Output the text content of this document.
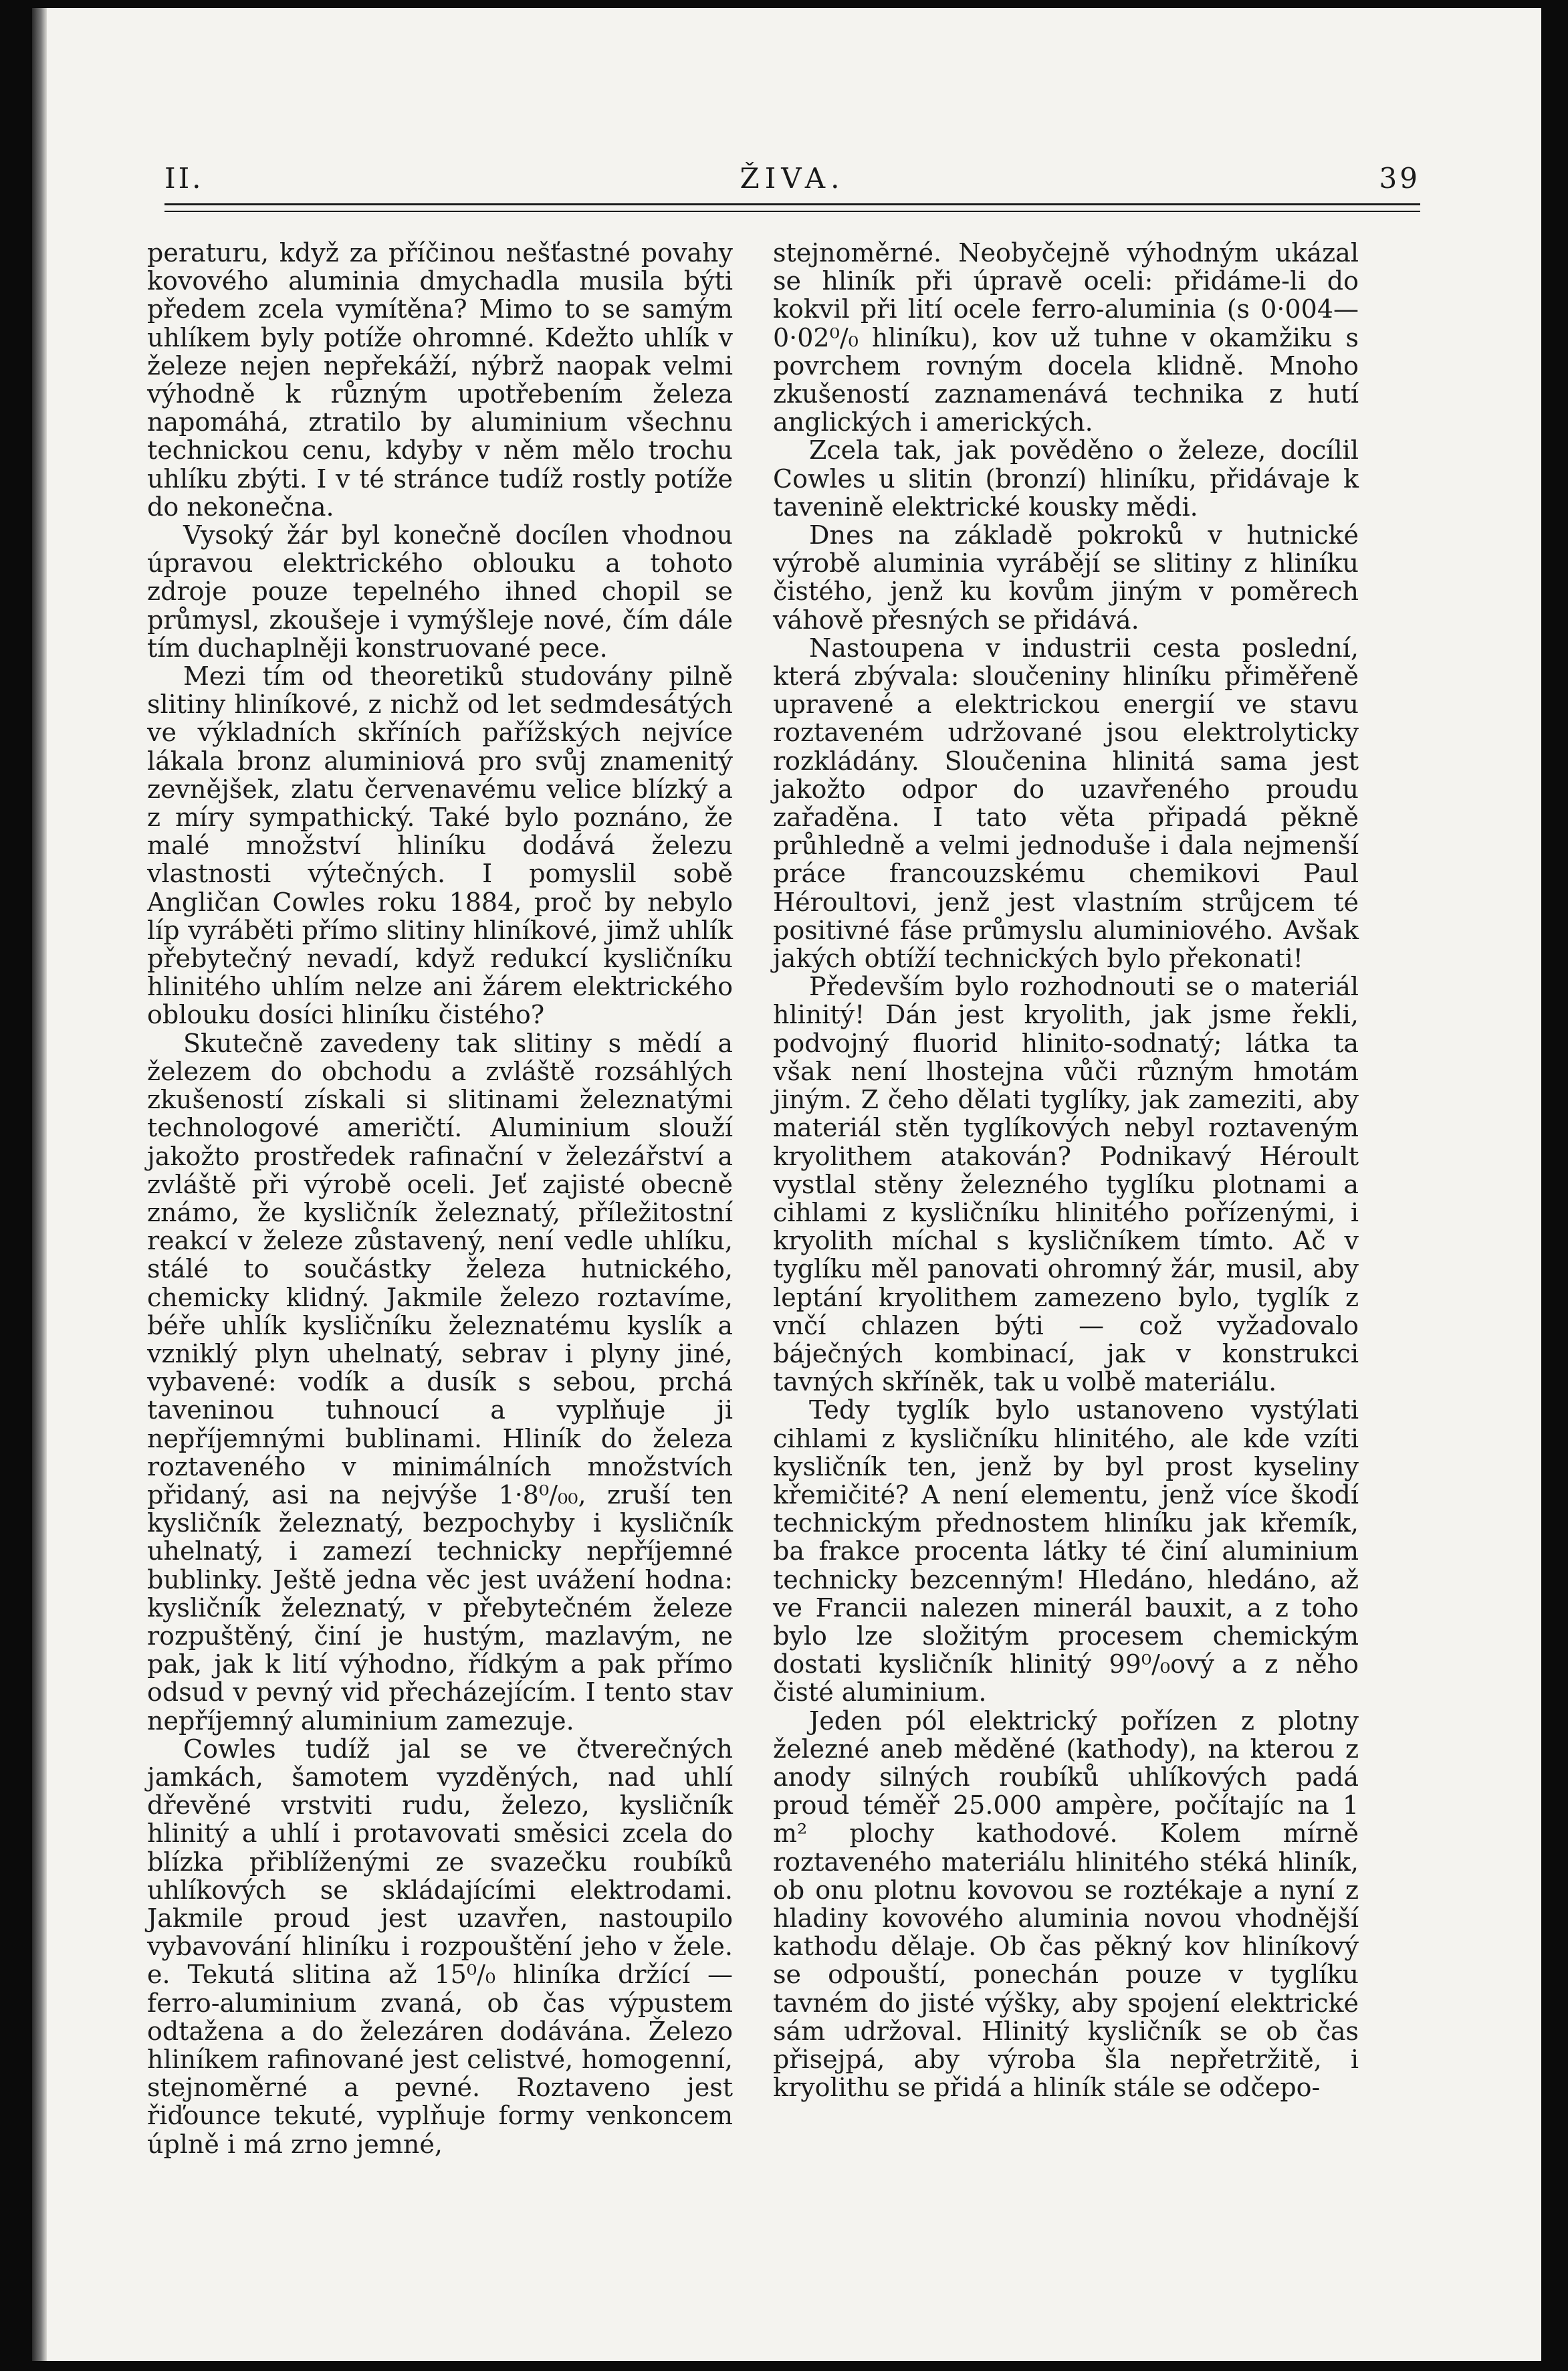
II.	ŽIVA.	39

peraturu, když za příčinou nešťastné povahy kovového aluminia dmychadla musila býti předem zcela vymítěna? Mimo to se samým uhlíkem byly potíže ohromné. Kdežto uhlík v železe nejen nepřekáží, nýbrž naopak velmi výhodně k různým upotřebením železa napomáhá, ztratilo by aluminium všechnu technickou cenu, kdyby v něm mělo trochu uhlíku zbýti. I v té stránce tudíž rostly potíže do nekonečna.

Vysoký žár byl konečně docílen vhodnou úpravou elektrického oblouku a tohoto zdroje pouze tepelného ihned chopil se průmysl, zkoušeje i vymýšleje nové, čím dále tím duchaplněji konstruované pece.

Mezi tím od theoretiků studovány pilně slitiny hliníkové, z nichž od let sedmdesátých ve výkladních skříních pařížských nejvíce lákala bronz aluminiová pro svůj znamenitý zevnějšek, zlatu červenavému velice blízký a z míry sympathický. Také bylo poznáno, že malé množství hliníku dodává železu vlastnosti výtečných. I pomyslil sobě Angličan Cowles roku 1884, proč by nebylo líp vyráběti přímo slitiny hliníkové, jimž uhlík přebytečný nevadí, když redukcí kysličníku hlinitého uhlím nelze ani žárem elektrického oblouku dosíci hliníku čistého?

Skutečně zavedeny tak slitiny s mědí a železem do obchodu a zvláště rozsáhlých zkušeností získali si slitinami železnatými technologové američtí. Aluminium slouží jakožto prostředek rafinační v železářství a zvláště při výrobě oceli. Jeť zajisté obecně známo, že kysličník železnatý, příležitostní reakcí v železe zůstavený, není vedle uhlíku, stálé to součástky železa hutnického, chemicky klidný. Jakmile železo roztavíme, béře uhlík kysličníku železnatému kyslík a vzniklý plyn uhelnatý, sebrav i plyny jiné, vybavené: vodík a dusík s sebou, prchá taveninou tuhnoucí a vyplňuje ji nepříjemnými bublinami. Hliník do železa roztaveného v minimálních množstvích přidaný, asi na nejvýše 1·8⁰/₀₀, zruší ten kysličník železnatý, bezpochyby i kysličník uhelnatý, i zamezí technicky nepříjemné bublinky. Ještě jedna věc jest uvážení hodna: kysličník železnatý, v přebytečném železe rozpuštěný, činí je hustým, mazlavým, ne pak, jak k lití výhodno, řídkým a pak přímo odsud v pevný vid přecházejícím. I tento stav nepříjemný aluminium zamezuje.

Cowles tudíž jal se ve čtverečných jamkách, šamotem vyzděných, nad uhlí dřevěné vrstviti rudu, železo, kysličník hlinitý a uhlí i protavovati směsici zcela do blízka přiblíženými ze svazečku roubíků uhlíkových se skládajícími elektrodami. Jakmile proud jest uzavřen, nastoupilo vybavování hliníku i rozpouštění jeho v žele. e. Tekutá slitina až 15⁰/₀ hliníka držící — ferro-aluminium zvaná, ob čas výpustem odtažena a do železáren dodávána. Železo hliníkem rafinované jest celistvé, homogenní, stejnoměrné a pevné. Roztaveno jest řiďounce tekuté, vyplňuje formy venkoncem úplně i má zrno jemné,

stejnoměrné. Neobyčejně výhodným ukázal se hliník při úpravě oceli: přidáme-li do kokvil při lití ocele ferro-aluminia (s 0·004—0·02⁰/₀ hliníku), kov už tuhne v okamžiku s povrchem rovným docela klidně. Mnoho zkušeností zaznamenává technika z hutí anglických i amerických.

Zcela tak, jak pověděno o železe, docílil Cowles u slitin (bronzí) hliníku, přidávaje k tavenině elektrické kousky mědi.

Dnes na základě pokroků v hutnické výrobě aluminia vyrábějí se slitiny z hliníku čistého, jenž ku kovům jiným v poměrech váhově přesných se přidává.

Nastoupena v industrii cesta poslední, která zbývala: sloučeniny hliníku přiměřeně upravené a elektrickou energií ve stavu roztaveném udržované jsou elektrolyticky rozkládány. Sloučenina hlinitá sama jest jakožto odpor do uzavřeného proudu zařaděna. I tato věta připadá pěkně průhledně a velmi jednoduše i dala nejmenší práce francouzskému chemikovi Paul Héroultovi, jenž jest vlastním strůjcem té positivné fáse průmyslu aluminiového. Avšak jakých obtíží technických bylo překonati!

Především bylo rozhodnouti se o materiál hlinitý! Dán jest kryolith, jak jsme řekli, podvojný fluorid hlinito-sodnatý; látka ta však není lhostejna vůči různým hmotám jiným. Z čeho dělati tyglíky, jak zameziti, aby materiál stěn tyglíkových nebyl roztaveným kryolithem atakován? Podnikavý Héroult vystlal stěny železného tyglíku plotnami a cihlami z kysličníku hlinitého pořízenými, i kryolith míchal s kysličníkem tímto. Ač v tyglíku měl panovati ohromný žár, musil, aby leptání kryolithem zamezeno bylo, tyglík z vnčí chlazen býti — což vyžadovalo báječných kombinací, jak v konstrukci tavných skříněk, tak u volbě materiálu.

Tedy tyglík bylo ustanoveno vystýlati cihlami z kysličníku hlinitého, ale kde vzíti kysličník ten, jenž by byl prost kyseliny křemičité? A není elementu, jenž více škodí technickým přednostem hliníku jak křemík, ba frakce procenta látky té činí aluminium technicky bezcenným! Hledáno, hledáno, až ve Francii nalezen minerál bauxit, a z toho bylo lze složitým procesem chemickým dostati kysličník hlinitý 99⁰/₀ový a z něho čisté aluminium.

Jeden pól elektrický pořízen z plotny železné aneb měděné (kathody), na kterou z anody silných roubíků uhlíkových padá proud téměř 25.000 ampère, počítajíc na 1 m² plochy kathodové. Kolem mírně roztaveného materiálu hlinitého stéká hliník, ob onu plotnu kovovou se roztékaje a nyní z hladiny kovového aluminia novou vhodnější kathodu dělaje. Ob čas pěkný kov hliníkový se odpouští, ponechán pouze v tyglíku tavném do jisté výšky, aby spojení elektrické sám udržoval. Hlinitý kysličník se ob čas přisejpá, aby výroba šla nepřetržitě, i kryolithu se přidá a hliník stále se odčepo-
